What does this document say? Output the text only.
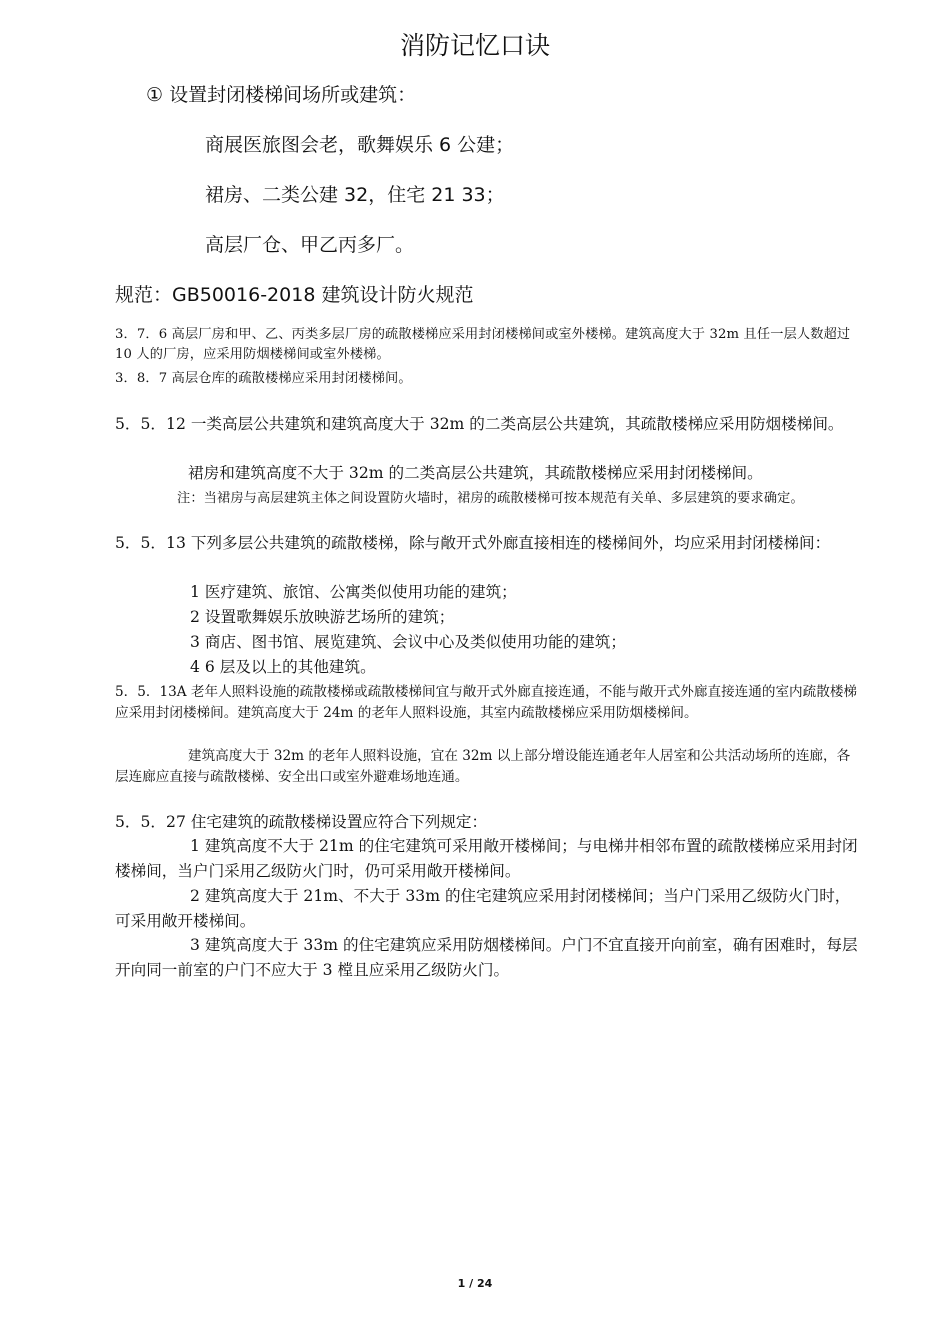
消防记忆口诀
① 设置封闭楼梯间场所或建筑：
商展医旅图会老，歌舞娱乐 6 公建；
裙房、二类公建 32，住宅 21 33；
高层厂仓、甲乙丙多厂。
规范：GB50016-2018 建筑设计防火规范
3．7．6 高层厂房和甲、乙、丙类多层厂房的疏散楼梯应采用封闭楼梯间或室外楼梯。建筑高度大于 32m 且任一层人数超过 10 人的厂房，应采用防烟楼梯间或室外楼梯。
3．8．7 高层仓库的疏散楼梯应采用封闭楼梯间。
5．5．12 一类高层公共建筑和建筑高度大于 32m 的二类高层公共建筑，其疏散楼梯应采用防烟楼梯间。
裙房和建筑高度不大于 32m 的二类高层公共建筑，其疏散楼梯应采用封闭楼梯间。
注：当裙房与高层建筑主体之间设置防火墙时，裙房的疏散楼梯可按本规范有关单、多层建筑的要求确定。
5．5．13 下列多层公共建筑的疏散楼梯，除与敞开式外廊直接相连的楼梯间外，均应采用封闭楼梯间：
1 医疗建筑、旅馆、公寓类似使用功能的建筑；
2 设置歌舞娱乐放映游艺场所的建筑；
3 商店、图书馆、展览建筑、会议中心及类似使用功能的建筑；
4 6 层及以上的其他建筑。
5．5．13A 老年人照料设施的疏散楼梯或疏散楼梯间宜与敞开式外廊直接连通，不能与敞开式外廊直接连通的室内疏散楼梯应采用封闭楼梯间。建筑高度大于 24m 的老年人照料设施，其室内疏散楼梯应采用防烟楼梯间。
建筑高度大于 32m 的老年人照料设施，宜在 32m 以上部分增设能连通老年人居室和公共活动场所的连廊，各层连廊应直接与疏散楼梯、安全出口或室外避难场地连通。
5．5．27 住宅建筑的疏散楼梯设置应符合下列规定：
1 建筑高度不大于 21m 的住宅建筑可采用敞开楼梯间；与电梯井相邻布置的疏散楼梯应采用封闭楼梯间，当户门采用乙级防火门时，仍可采用敞开楼梯间。
2 建筑高度大于 21m、不大于 33m 的住宅建筑应采用封闭楼梯间；当户门采用乙级防火门时，可采用敞开楼梯间。
3 建筑高度大于 33m 的住宅建筑应采用防烟楼梯间。户门不宜直接开向前室，确有困难时，每层开向同一前室的户门不应大于 3 樘且应采用乙级防火门。
1 / 24
